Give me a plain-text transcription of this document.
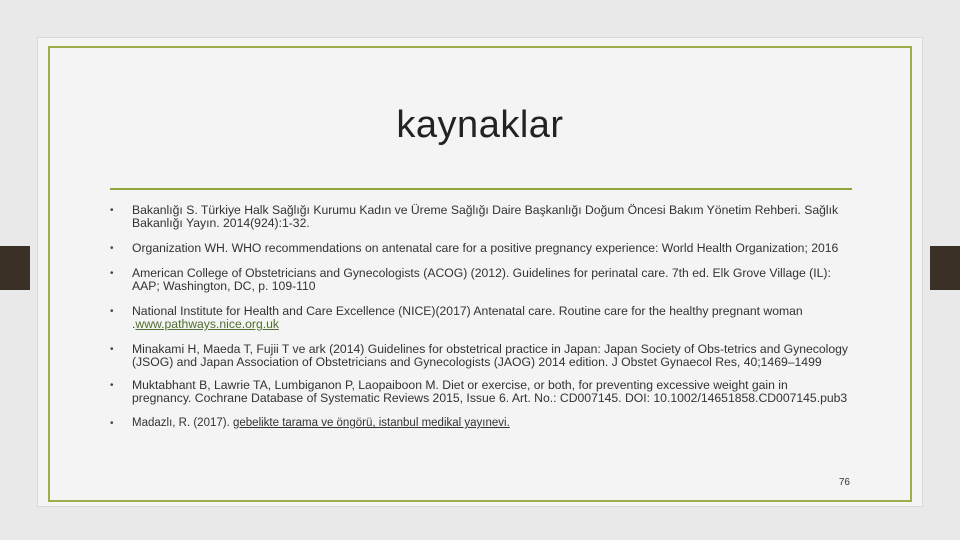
kaynaklar
• Bakanlığı S. Türkiye Halk Sağlığı Kurumu Kadın ve Üreme Sağlığı Daire Başkanlığı Doğum Öncesi Bakım Yönetim Rehberi. Sağlık Bakanlığı Yayın. 2014(924):1-32.
• Organization WH. WHO recommendations on antenatal care for a positive pregnancy experience: World Health Organization; 2016
• American College of Obstetricians and Gynecologists (ACOG) (2012). Guidelines for perinatal care. 7th ed. Elk Grove Village (IL): AAP; Washington, DC, p. 109-110
• National Institute for Health and Care Excellence (NICE)(2017) Antenatal care. Routine care for the healthy pregnant woman .www.pathways.nice.org.uk
• Minakami H, Maeda T, Fujii T ve ark (2014) Guidelines for obstetrical practice in Japan: Japan Society of Obs-tetrics and Gynecology (JSOG) and Japan Association of Obstetricians and Gynecologists (JAOG) 2014 edition. J Obstet Gynaecol Res, 40;1469–1499
• Muktabhant B, Lawrie TA, Lumbiganon P, Laopaiboon M. Diet or exercise, or both, for preventing excessive weight gain in pregnancy. Cochrane Database of Systematic Reviews 2015, Issue 6. Art. No.: CD007145. DOI: 10.1002/14651858.CD007145.pub3
• Madazlı, R. (2017). gebelikte tarama ve öngörü, istanbul medikal yayınevi.
76
